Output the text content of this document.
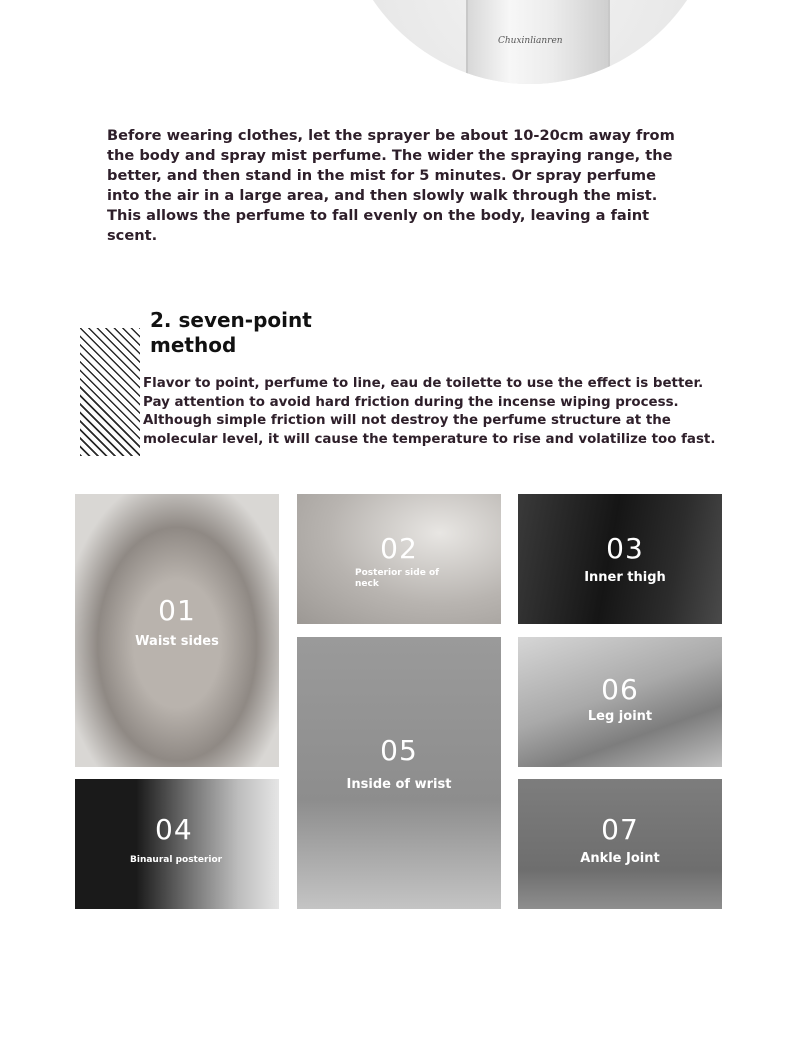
Chuxinlianren

Before wearing clothes, let the sprayer be about 10-20cm away from the body and spray mist perfume. The wider the spraying range, the better, and then stand in the mist for 5 minutes. Or spray perfume into the air in a large area, and then slowly walk through the mist. This allows the perfume to fall evenly on the body, leaving a faint scent.

2. seven-point method

Flavor to point, perfume to line, eau de toilette to use the effect is better. Pay attention to avoid hard friction during the incense wiping process. Although simple friction will not destroy the perfume structure at the molecular level, it will cause the temperature to rise and volatilize too fast.

01
Waist sides
02
Posterior side of neck
03
Inner thigh
04
Binaural posterior
05
Inside of wrist
06
Leg joint
07
Ankle Joint
